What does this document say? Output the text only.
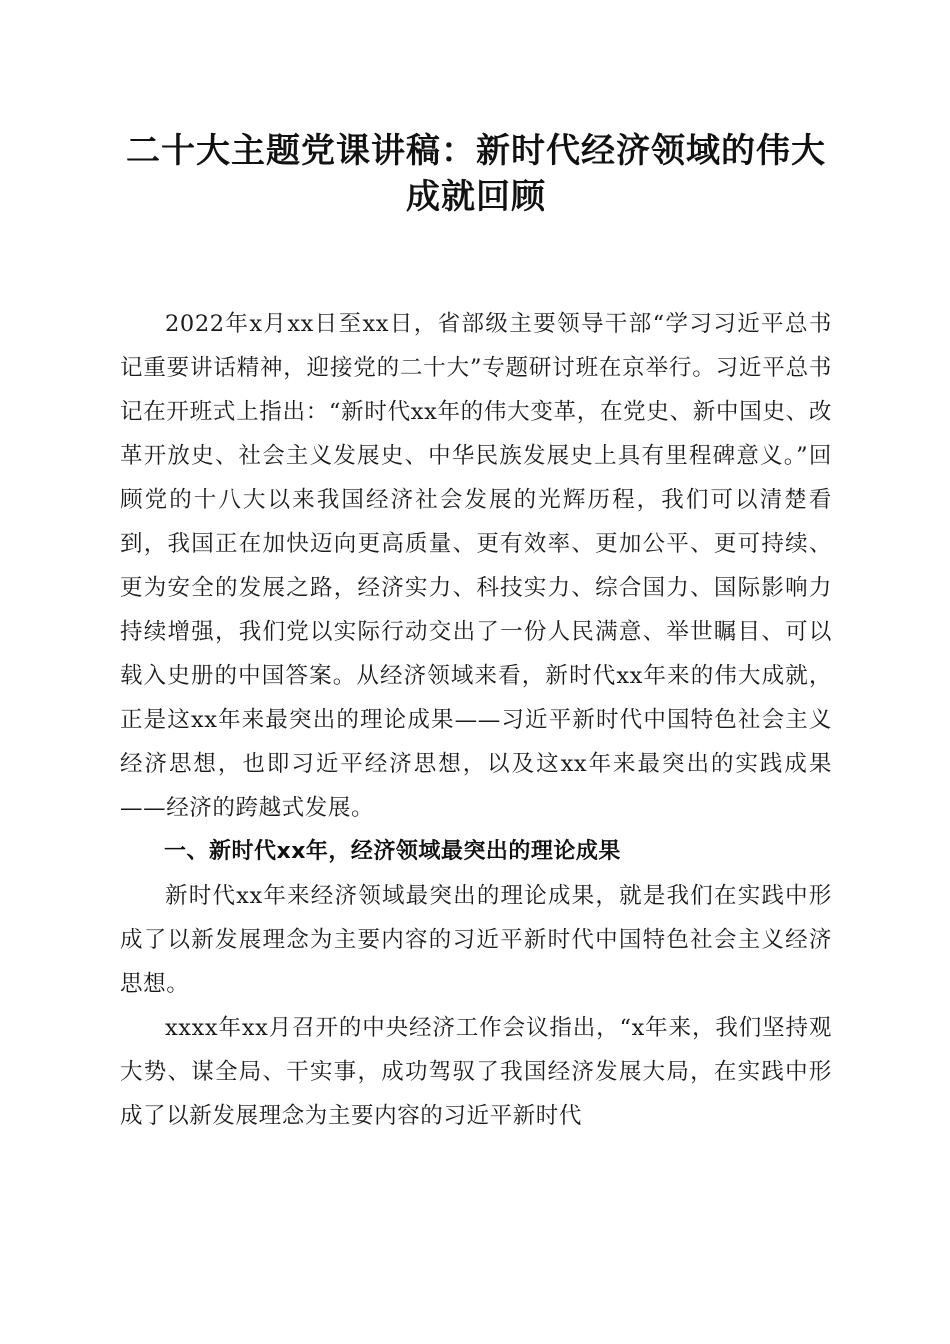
二十大主题党课讲稿：新时代经济领域的伟大
成就回顾

2022年x月xx日至xx日，省部级主要领导干部“学习习近平总书记重要讲话精神，迎接党的二十大”专题研讨班在京举行。习近平总书记在开班式上指出：“新时代xx年的伟大变革，在党史、新中国史、改革开放史、社会主义发展史、中华民族发展史上具有里程碑意义。”回顾党的十八大以来我国经济社会发展的光辉历程，我们可以清楚看到，我国正在加快迈向更高质量、更有效率、更加公平、更可持续、更为安全的发展之路，经济实力、科技实力、综合国力、国际影响力持续增强，我们党以实际行动交出了一份人民满意、举世瞩目、可以载入史册的中国答案。从经济领域来看，新时代xx年来的伟大成就，正是这xx年来最突出的理论成果——习近平新时代中国特色社会主义经济思想，也即习近平经济思想，以及这xx年来最突出的实践成果——经济的跨越式发展。

一、新时代xx年，经济领域最突出的理论成果

新时代xx年来经济领域最突出的理论成果，就是我们在实践中形成了以新发展理念为主要内容的习近平新时代中国特色社会主义经济思想。

xxxx年xx月召开的中央经济工作会议指出，“x年来，我们坚持观大势、谋全局、干实事，成功驾驭了我国经济发展大局，在实践中形成了以新发展理念为主要内容的习近平新时代
